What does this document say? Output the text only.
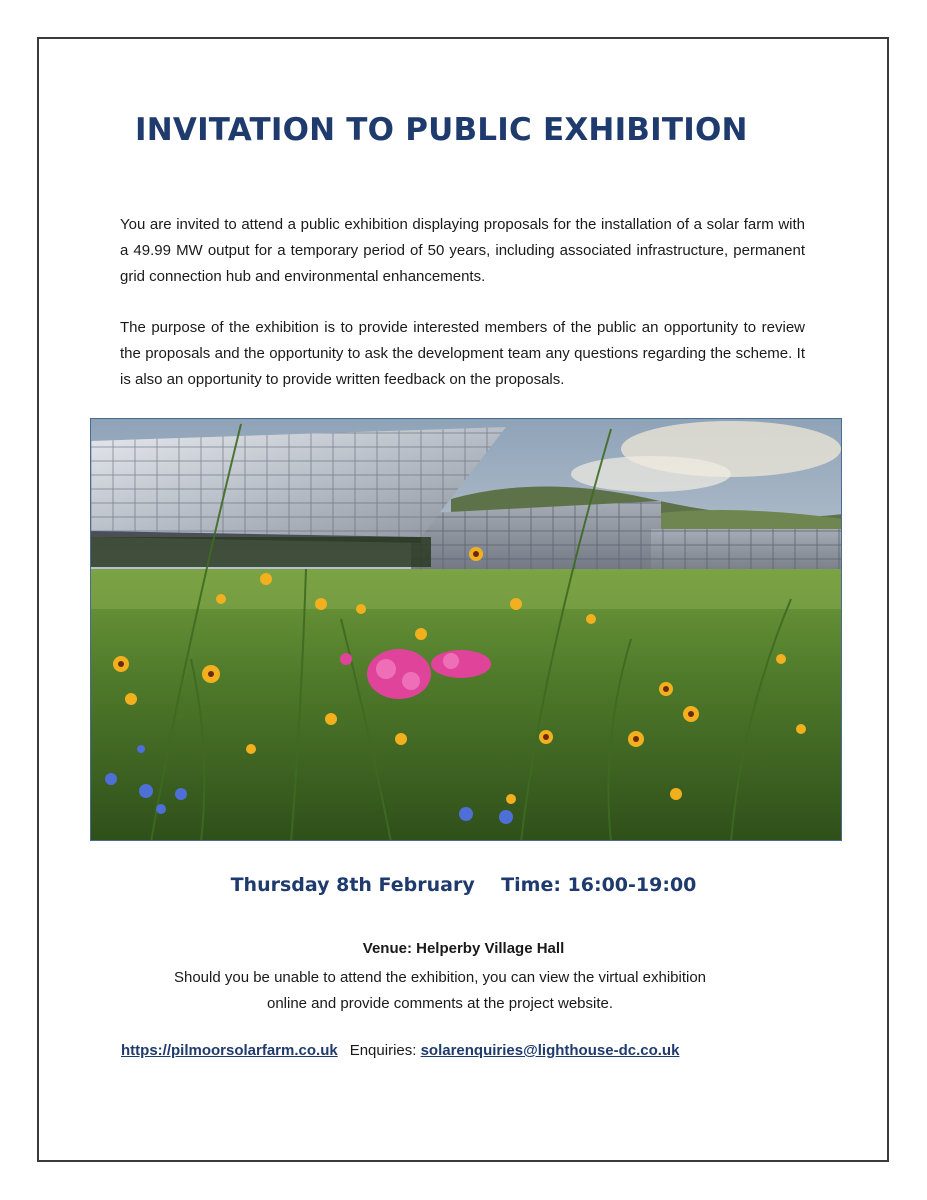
INVITATION TO PUBLIC EXHIBITION

You are invited to attend a public exhibition displaying proposals for the installation of a solar farm with a 49.99 MW output for a temporary period of 50 years, including associated infrastructure, permanent grid connection hub and environmental enhancements.

The purpose of the exhibition is to provide interested members of the public an opportunity to review the proposals and the opportunity to ask the development team any questions regarding the scheme. It is also an opportunity to provide written feedback on the proposals.

Thursday 8th February    Time: 16:00-19:00
Venue: Helperby Village Hall
Should you be unable to attend the exhibition, you can view the virtual exhibition
online and provide comments at the project website.
https://pilmoorsolarfarm.co.uk Enquiries: solarenquiries@lighthouse-dc.co.uk
